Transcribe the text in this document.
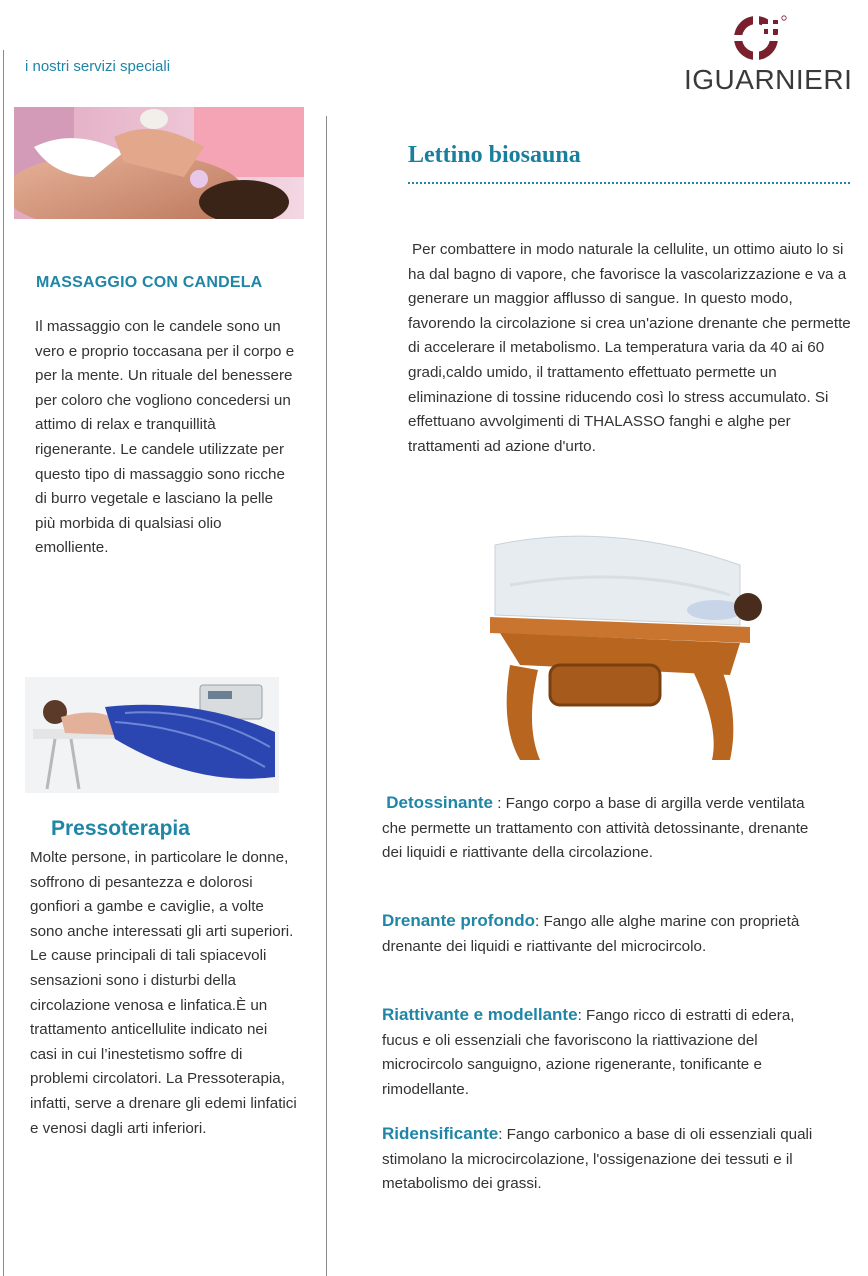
i nostri servizi speciali	IGUARNIERI
MASSAGGIO CON CANDELA

Il massaggio con le candele sono un vero e proprio toccasana per il corpo e per la mente. Un rituale del benessere per coloro che vogliono concedersi un attimo di relax e tranquillità rigenerante. Le candele utilizzate per questo tipo di massaggio sono ricche di burro vegetale e lasciano la pelle più morbida di qualsiasi olio emolliente.

Pressoterapia

Molte persone, in particolare le donne, soffrono di pesantezza e dolorosi gonfiori a gambe e caviglie, a volte sono anche interessati gli arti superiori. Le cause principali di tali spiacevoli sensazioni sono i disturbi della circolazione venosa e linfatica.È un trattamento anticellulite indicato nei casi in cui l’inestetismo soffre di problemi circolatori. La Pressoterapia, infatti, serve a drenare gli edemi linfatici e venosi dagli arti inferiori.

Lettino biosauna

Per combattere in modo naturale la cellulite, un ottimo aiuto lo si ha dal bagno di vapore, che favorisce la vascolarizzazione e va a generare un maggior afflusso di sangue. In questo modo, favorendo la circolazione si crea un'azione drenante che permette di accelerare il metabolismo. La temperatura varia da 40 ai 60 gradi,caldo umido, il trattamento effettuato permette un eliminazione di tossine riducendo così lo stress accumulato. Si effettuano avvolgimenti di THALASSO fanghi e alghe per trattamenti ad azione d'urto.

Detossinante : Fango corpo a base di argilla verde ventilata che permette un trattamento con attività detossinante, drenante dei liquidi e riattivante della circolazione.

Drenante profondo: Fango alle alghe marine con proprietà drenante dei liquidi e riattivante del microcircolo.

Riattivante e modellante: Fango ricco di estratti di edera, fucus e oli essenziali che favoriscono la riattivazione del microcircolo sanguigno, azione rigenerante, tonificante e rimodellante.

Ridensificante: Fango carbonico a base di oli essenziali quali stimolano la microcircolazione, l'ossigenazione dei tessuti e il metabolismo dei grassi.
